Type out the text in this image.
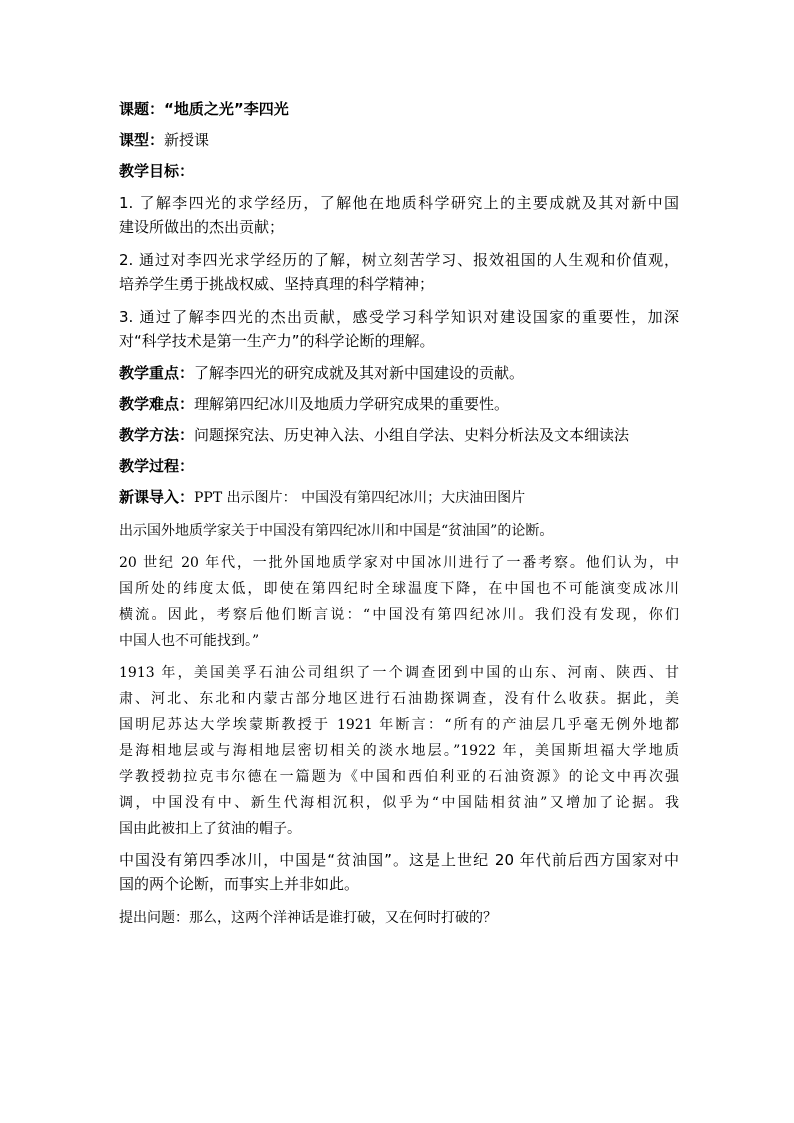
课题：“地质之光”李四光
课型：新授课
教学目标：
1. 了解李四光的求学经历，了解他在地质科学研究上的主要成就及其对新中国
建设所做出的杰出贡献；
2. 通过对李四光求学经历的了解，树立刻苦学习、报效祖国的人生观和价值观，
培养学生勇于挑战权威、坚持真理的科学精神；
3. 通过了解李四光的杰出贡献，感受学习科学知识对建设国家的重要性，加深
对“科学技术是第一生产力”的科学论断的理解。
教学重点：了解李四光的研究成就及其对新中国建设的贡献。
教学难点：理解第四纪冰川及地质力学研究成果的重要性。
教学方法：问题探究法、历史神入法、小组自学法、史料分析法及文本细读法
教学过程：
新课导入：PPT 出示图片： 中国没有第四纪冰川；大庆油田图片
出示国外地质学家关于中国没有第四纪冰川和中国是“贫油国”的论断。
20 世纪 20 年代，一批外国地质学家对中国冰川进行了一番考察。他们认为，中
国所处的纬度太低，即使在第四纪时全球温度下降，在中国也不可能演变成冰川
横流。因此，考察后他们断言说：“中国没有第四纪冰川。我们没有发现，你们
中国人也不可能找到。”
1913 年，美国美孚石油公司组织了一个调查团到中国的山东、河南、陕西、甘
肃、河北、东北和内蒙古部分地区进行石油勘探调查，没有什么收获。据此，美
国明尼苏达大学埃蒙斯教授于 1921 年断言：“所有的产油层几乎毫无例外地都
是海相地层或与海相地层密切相关的淡水地层。”1922 年，美国斯坦福大学地质
学教授勃拉克韦尔德在一篇题为《中国和西伯利亚的石油资源》的论文中再次强
调，中国没有中、新生代海相沉积，似乎为“中国陆相贫油”又增加了论据。我
国由此被扣上了贫油的帽子。
中国没有第四季冰川，中国是“贫油国”。这是上世纪 20 年代前后西方国家对中
国的两个论断，而事实上并非如此。
提出问题：那么，这两个洋神话是谁打破，又在何时打破的？
